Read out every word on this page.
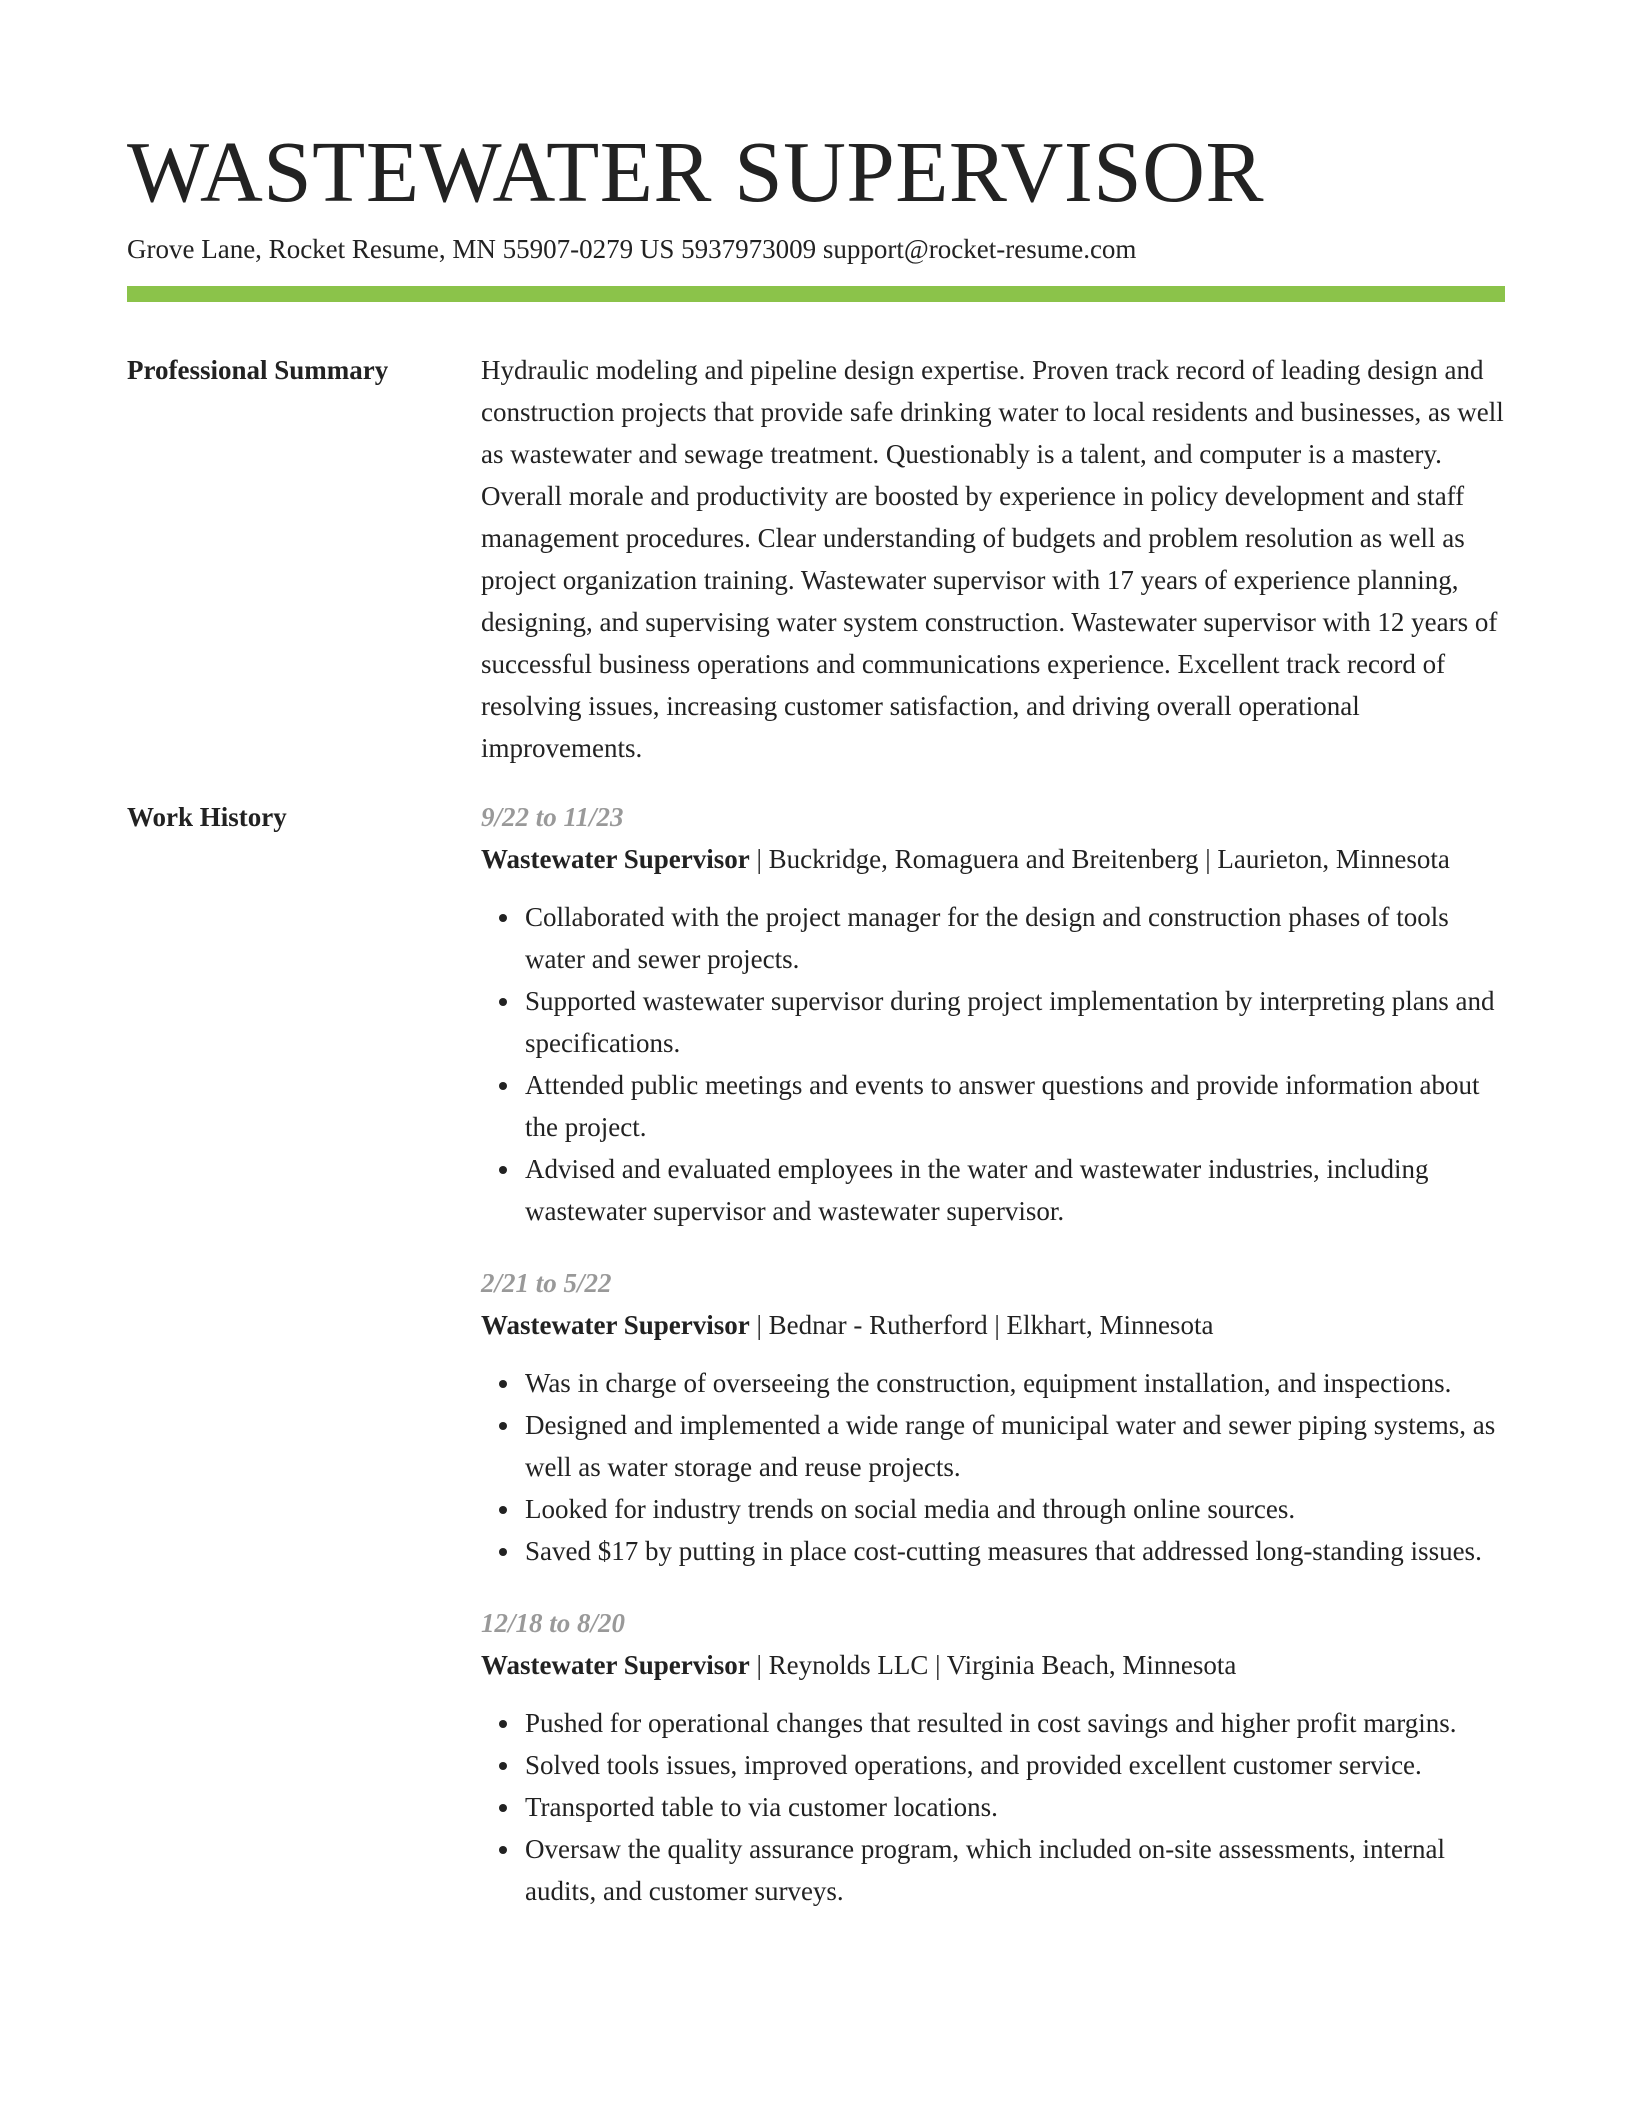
WASTEWATER SUPERVISOR
Grove Lane, Rocket Resume, MN 55907-0279 US 5937973009 support@rocket-resume.com
Professional Summary	Hydraulic modeling and pipeline design expertise. Proven track record of leading design and construction projects that provide safe drinking water to local residents and businesses, as well as wastewater and sewage treatment. Questionably is a talent, and computer is a mastery. Overall morale and productivity are boosted by experience in policy development and staff management procedures. Clear understanding of budgets and problem resolution as well as project organization training. Wastewater supervisor with 17 years of experience planning, designing, and supervising water system construction. Wastewater supervisor with 12 years of successful business operations and communications experience. Excellent track record of resolving issues, increasing customer satisfaction, and driving overall operational improvements.

Work History	9/22 to 11/23
Wastewater Supervisor | Buckridge, Romaguera and Breitenberg | Laurieton, Minnesota
Collaborated with the project manager for the design and construction phases of tools water and sewer projects.
Supported wastewater supervisor during project implementation by interpreting plans and specifications.
Attended public meetings and events to answer questions and provide information about the project.
Advised and evaluated employees in the water and wastewater industries, including wastewater supervisor and wastewater supervisor.
2/21 to 5/22
Wastewater Supervisor | Bednar - Rutherford | Elkhart, Minnesota
Was in charge of overseeing the construction, equipment installation, and inspections.
Designed and implemented a wide range of municipal water and sewer piping systems, as well as water storage and reuse projects.
Looked for industry trends on social media and through online sources.
Saved $17 by putting in place cost-cutting measures that addressed long-standing issues.
12/18 to 8/20
Wastewater Supervisor | Reynolds LLC | Virginia Beach, Minnesota
Pushed for operational changes that resulted in cost savings and higher profit margins.
Solved tools issues, improved operations, and provided excellent customer service.
Transported table to via customer locations.
Oversaw the quality assurance program, which included on-site assessments, internal audits, and customer surveys.
